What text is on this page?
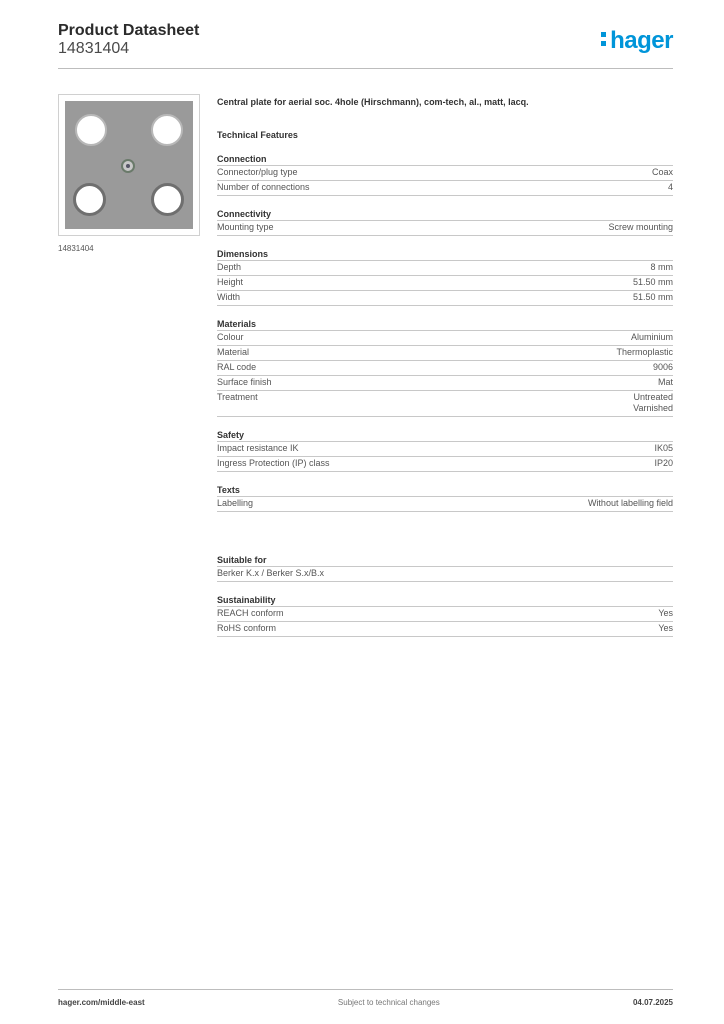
Product Datasheet
14831404	hager
14831404
Central plate for aerial soc. 4hole (Hirschmann), com-tech, al., matt, lacq.
Technical Features
Connection
Connector/plug type	Coax
Number of connections	4
Connectivity
Mounting type	Screw mounting
Dimensions
Depth	8 mm
Height	51.50 mm
Width	51.50 mm
Materials
Colour	Aluminium
Material	Thermoplastic
RAL code	9006
Surface finish	Mat
Treatment	Untreated
Varnished
Safety
Impact resistance IK	IK05
Ingress Protection (IP) class	IP20
Texts
Labelling	Without labelling field
Suitable for
Berker K.x / Berker S.x/B.x
Sustainability
REACH conform	Yes
RoHS conform	Yes
hager.com/middle-east	Subject to technical changes	04.07.2025
